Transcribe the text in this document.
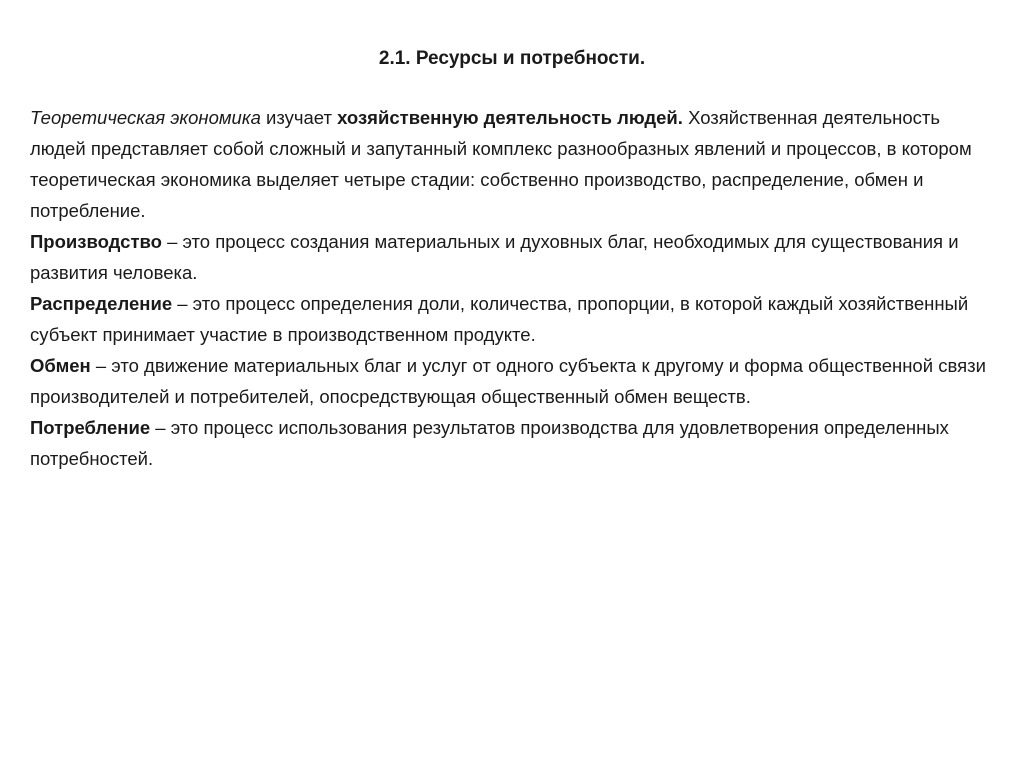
2.1. Ресурсы и потребности.

Теоретическая экономика изучает хозяйственную деятельность людей. Хозяйственная деятельность людей представляет собой сложный и запутанный комплекс разнообразных явлений и процессов, в котором теоретическая экономика выделяет четыре стадии: собственно производство, распределение, обмен и потребление.

Производство – это процесс создания материальных и духовных благ, необходимых для существования и развития человека.

Распределение – это процесс определения доли, количества, пропорции, в которой каждый хозяйственный субъект принимает участие в производственном продукте.

Обмен – это движение материальных благ и услуг от одного субъекта к другому и форма общественной связи производителей и потребителей, опосредствующая общественный обмен веществ.

Потребление – это процесс использования результатов производства для удовлетворения определенных потребностей.
